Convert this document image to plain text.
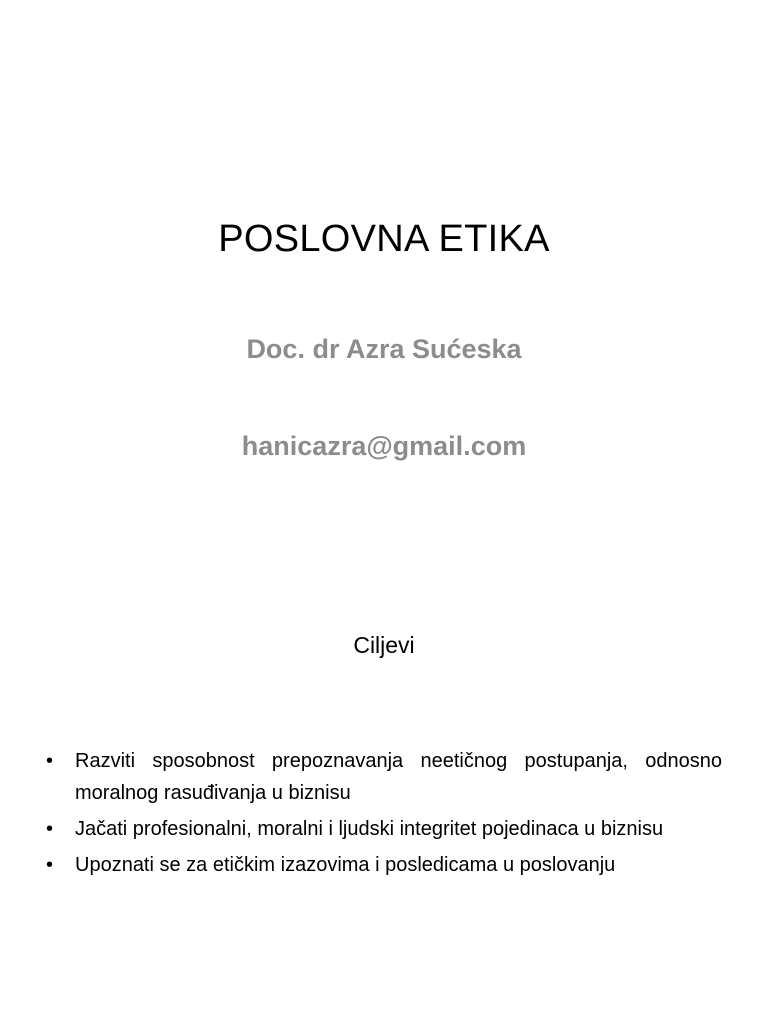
POSLOVNA ETIKA
Doc. dr Azra Sućeska
hanicazra@gmail.com
Ciljevi
• Razviti sposobnost prepoznavanja neetičnog postupanja, odnosno moralnog rasuđivanja u biznisu
• Jačati profesionalni, moralni i ljudski integritet pojedinaca u biznisu
• Upoznati se za etičkim izazovima i posledicama u poslovanju
